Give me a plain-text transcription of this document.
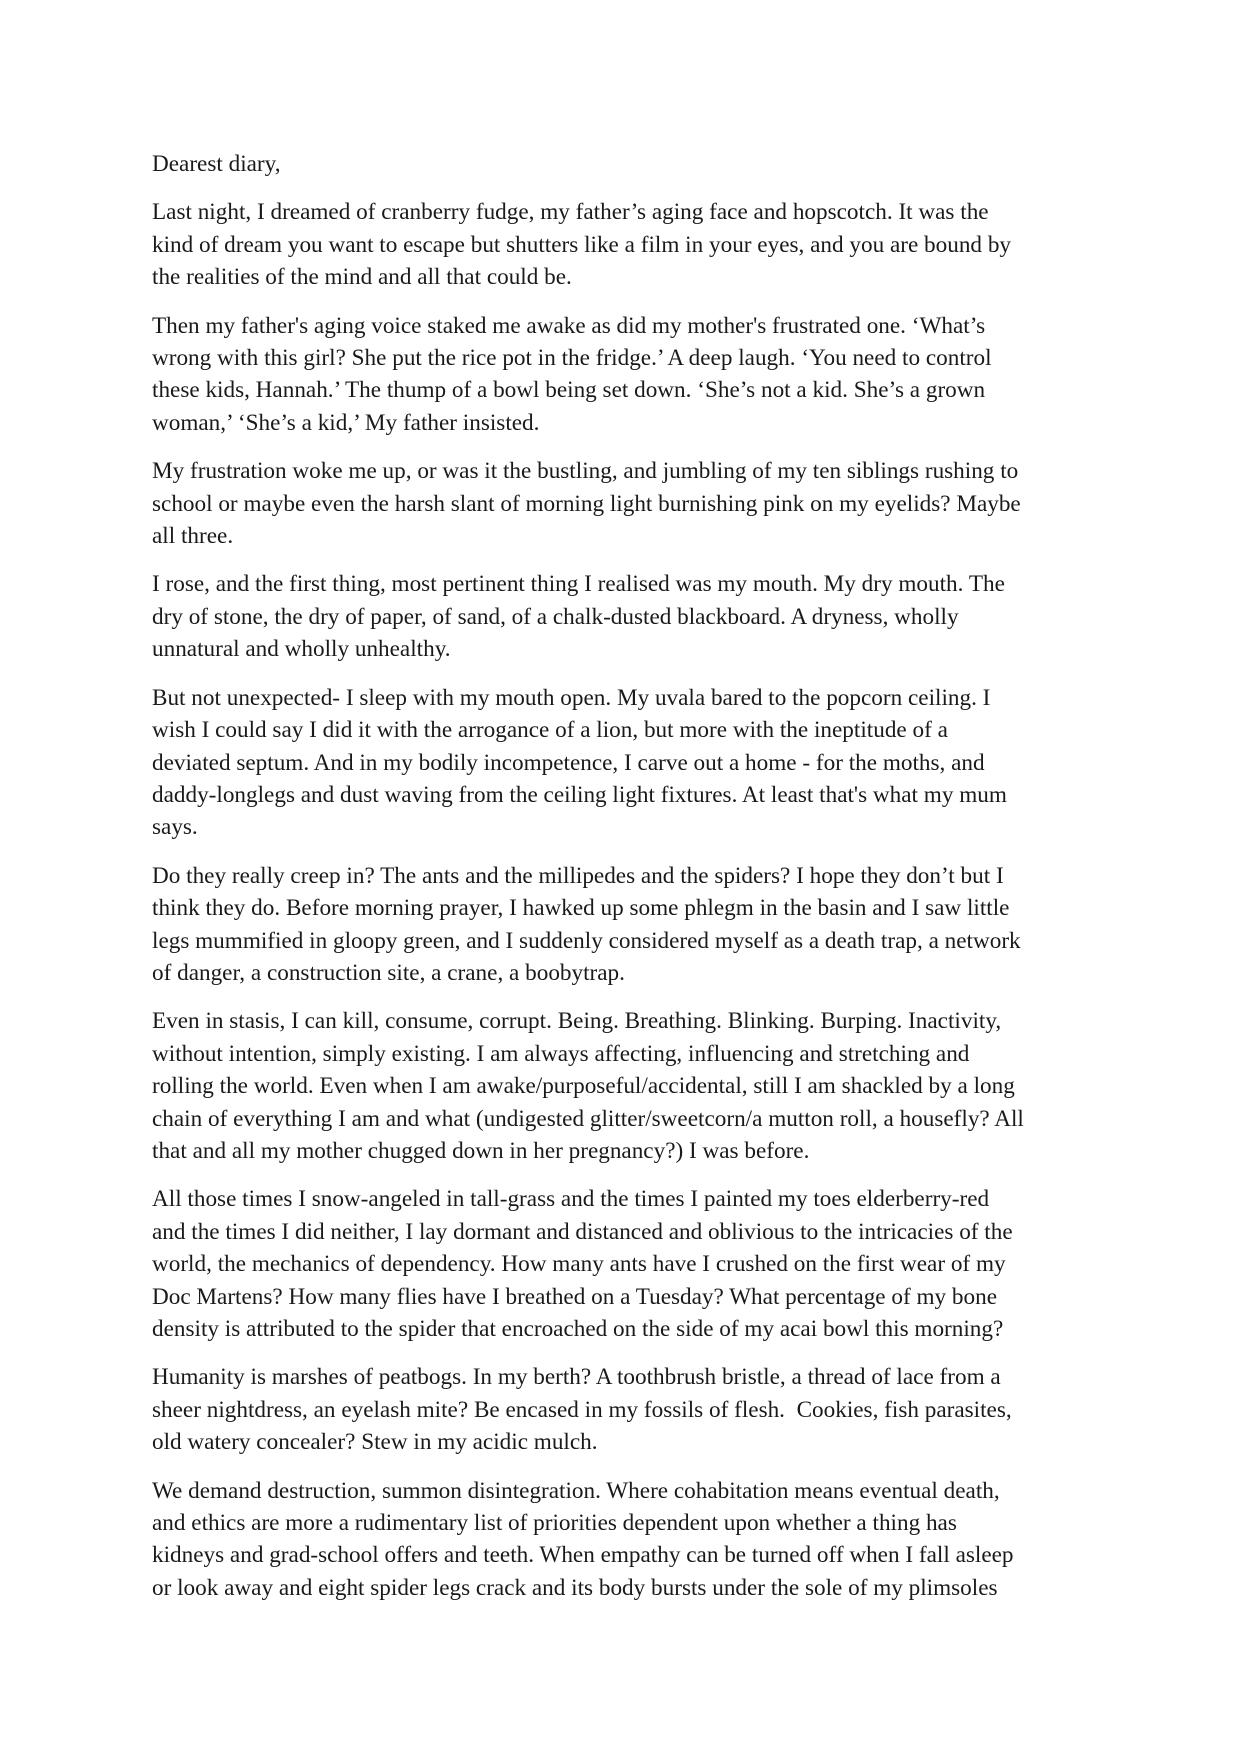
Dearest diary,

Last night, I dreamed of cranberry fudge, my father’s aging face and hopscotch. It was the
kind of dream you want to escape but shutters like a film in your eyes, and you are bound by
the realities of the mind and all that could be.

Then my father's aging voice staked me awake as did my mother's frustrated one. ‘What’s
wrong with this girl? She put the rice pot in the fridge.’ A deep laugh. ‘You need to control
these kids, Hannah.’ The thump of a bowl being set down. ‘She’s not a kid. She’s a grown
woman,’ ‘She’s a kid,’ My father insisted.

My frustration woke me up, or was it the bustling, and jumbling of my ten siblings rushing to
school or maybe even the harsh slant of morning light burnishing pink on my eyelids? Maybe
all three.

I rose, and the first thing, most pertinent thing I realised was my mouth. My dry mouth. The
dry of stone, the dry of paper, of sand, of a chalk-dusted blackboard. A dryness, wholly
unnatural and wholly unhealthy.

But not unexpected- I sleep with my mouth open. My uvala bared to the popcorn ceiling. I
wish I could say I did it with the arrogance of a lion, but more with the ineptitude of a
deviated septum. And in my bodily incompetence, I carve out a home - for the moths, and
daddy-longlegs and dust waving from the ceiling light fixtures. At least that's what my mum
says.

Do they really creep in? The ants and the millipedes and the spiders? I hope they don’t but I
think they do. Before morning prayer, I hawked up some phlegm in the basin and I saw little
legs mummified in gloopy green, and I suddenly considered myself as a death trap, a network
of danger, a construction site, a crane, a boobytrap.

Even in stasis, I can kill, consume, corrupt. Being. Breathing. Blinking. Burping. Inactivity,
without intention, simply existing. I am always affecting, influencing and stretching and
rolling the world. Even when I am awake/purposeful/accidental, still I am shackled by a long
chain of everything I am and what (undigested glitter/sweetcorn/a mutton roll, a housefly? All
that and all my mother chugged down in her pregnancy?) I was before.

All those times I snow-angeled in tall-grass and the times I painted my toes elderberry-red
and the times I did neither, I lay dormant and distanced and oblivious to the intricacies of the
world, the mechanics of dependency. How many ants have I crushed on the first wear of my
Doc Martens? How many flies have I breathed on a Tuesday? What percentage of my bone
density is attributed to the spider that encroached on the side of my acai bowl this morning?

Humanity is marshes of peatbogs. In my berth? A toothbrush bristle, a thread of lace from a
sheer nightdress, an eyelash mite? Be encased in my fossils of flesh.  Cookies, fish parasites,
old watery concealer? Stew in my acidic mulch.

We demand destruction, summon disintegration. Where cohabitation means eventual death,
and ethics are more a rudimentary list of priorities dependent upon whether a thing has
kidneys and grad-school offers and teeth. When empathy can be turned off when I fall asleep
or look away and eight spider legs crack and its body bursts under the sole of my plimsoles
